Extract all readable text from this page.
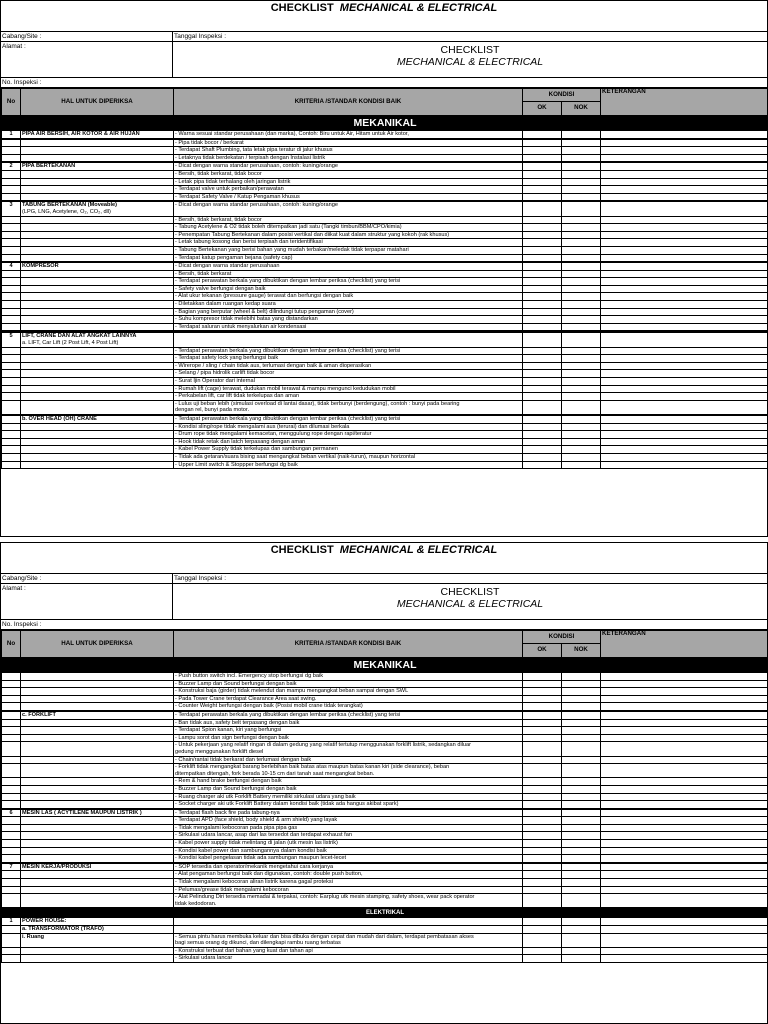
CHECKLIST MECHANICAL & ELECTRICAL
Cabang/Site :	Tanggal Inspeksi :
CHECKLIST
MECHANICAL & ELECTRICAL
Alamat :
No. Inspeksi :
No	HAL UNTUK DIPERIKSA	KRITERIA /STANDAR KONDISI BAIK	KONDISI		KETERANGAN
			OK	NOK	
MEKANIKAL					
1	PIPA AIR BERSIH, AIR KOTOR & AIR HUJAN	- Warna sesuai standar perusahaan (dan marka), Contoh: Biru untuk Air, Hitam untuk Air kotor,			

		- Pipa tidak bocor / berkarat			
		- Terdapat Shaft Plumbing, tata letak pipa teratur di jalur khusus			
		- Letaknya tidak berdekatan / terpisah dengan Instalasi listrik			

2	PIPA BERTEKANAN	- Dicat dengan warna standar perusahaan, contoh: kuning/orange			
		- Bersih, tidak berkarat, tidak bocor			
		- Letak pipa tidak terhalang oleh jaringan listrik			
		- Terdapat valve untuk perbaikan/perawatan			
		- Terdapat Safety Valve / Katup Pengaman khusus			

3	TABUNG BERTEKANAN (Moveable)
(LPG, LNG, Acetylene, O₂, CO₂, dll)	- Dicat dengan warna standar perusahaan, contoh: kuning/orange			
		- Bersih, tidak berkarat, tidak bocor			
		- Tabung Acetylene & O2 tidak boleh ditempatkan jadi satu (Tangki timbun/BBM/CPO/kimia)			
		- Penempatan Tabung Bertekanan dalam posisi vertikal dan diikat kuat dalam struktur yang kokoh (rak khusus)			
		- Letak tabung kosong dan berisi terpisah dan teridentifikasi			
		- Tabung Bertekanan yang berisi bahan yang mudah terbakar/meledak tidak terpapar matahari			
		- Terdapat katup pengaman bejana (safety cap)			

4	KOMPRESOR	- Dicat dengan warna standar perusahaan			
		- Bersih, tidak berkarat			
		- Terdapat perawatan berkala yang dibuktikan dengan lembar periksa (checklist) yang terisi			
		- Safety valve berfungsi dengan baik			
		- Alat ukur tekanan (pressure gauge) terawat dan berfungsi dengan baik			
		- Diletakkan dalam ruangan kedap suara			
		- Bagian yang berputar (wheel & belt) dilindungi tutup pengaman (cover)			
		- Suhu kompresor tidak melebihi batas yang distandarkan			
		- Terdapat saluran untuk menyalurkan air kondensasi			

5	LIFT, CRANE DAN ALAT ANGKAT LAINNYA
a. LIFT, Car Lift (2 Post Lift, 4 Post Lift)				
		- Terdapat perawatan berkala yang dibuktikan dengan lembar periksa (checklist) yang terisi			
		- Terdapat safety lock yang berfungsi baik			
		- Wirerope / sling / chain tidak aus, terlumasi dengan baik & aman dioperasikan			
		- Selang / pipa hidrolik carlift tidak bocor			
		- Surat Ijin Operator dari internal			
		- Rumah lift (cage) terawat, dudukan mobil terawat & mampu mengunci kedudukan mobil			
		- Perkabelan lift, car lift tidak terkelupas dan aman			
		- Lulus uji beban lebih (simulasi overload di lantai dasar), tidak berbunyi (berdengung), contoh : bunyi pada bearing
dengan rel, bunyi pada motor.			

	b. OVER HEAD (OH) CRANE	- Terdapat perawatan berkala yang dibuktikan dengan lembar periksa (checklist) yang terisi			
		- Kondisi sling/rope tidak mengalami aus (terurai) dan dilumasi berkala			
		- Drum rope tidak mengalami kemacetan, menggulung rope dengan rapi/teratur			
		- Hook tidak retak dan latch terpasang dengan aman			
		- Kabel Power Supply tidak terkelupas dan sambungan permanen			
		- Tidak ada getaran/suara bising saat mengangkat beban vertikal (naik-turun), maupun horizontal			
		- Upper Limit switch & Stoppper berfungsi dg baik			
CHECKLIST MECHANICAL & ELECTRICAL
Cabang/Site :	Tanggal Inspeksi :
CHECKLIST
MECHANICAL & ELECTRICAL
Alamat :
No. Inspeksi :
No	HAL UNTUK DIPERIKSA	KRITERIA /STANDAR KONDISI BAIK	KONDISI		KETERANGAN
			OK	NOK	
MEKANIKAL					
		- Push button switch incl. Emergency stop berfungsi dg baik			
		- Buzzer Lamp dan Sound berfungsi dengan baik			
		- Konstruksi baja (girder) tidak melendut dan mampu mengangkat beban sampai dengan SWL			
		- Pada Tower Crane terdapat Clearance Area saat swing.			
		- Counter Weight berfungsi dengan baik (Posisi mobil crane tidak terangkat)			

	c. FORKLIFT	- Terdapat perawatan berkala yang dibuktikan dengan lembar periksa (checklist) yang terisi			
		- Ban tidak aus, safety belt terpasang dengan baik			
		- Terdapat Spion kanan, kiri yang berfungsi			
		- Lampu sorot dan sign berfungsi dengan baik			
		- Untuk pekerjaan yang relatif ringan di dalam gedung yang relatif tertutup menggunakan forklift listrik, sedangkan diluar
gedung menggunakan forklift diesel			
		- Chain/rantai tidak berkarat dan terlumasi dengan baik			
		- Forklift tidak mengangkat barang berlebihan baik batas atas maupun batas kanan kiri (side clearance), beban
ditempatkan ditengah, fork berada 10-15 cm dari tanah saat mengangkat beban.			
		- Rem & hand brake berfungsi dengan baik			
		- Buzzer Lamp dan Sound berfungsi dengan baik			
		- Ruang charger aki utk Forklift Battery memiliki sirkulasi udara yang baik			
		- Socket charger aki utk Forklift Battery dalam kondisi baik (tidak ada hangus akibat spark)			

6	MESIN LAS ( ACYTILENE MAUPUN LISTRIK )	- Terdapat flash back fire pada tabung-nya			
		- Terdapat APD (face shield, body shield & arm shield) yang layak			
		- Tidak mengalami kebocoran pada pipa pipa gas			
		- Sirkulasi udara lancar, asap dari las tersedot dan terdapat exhaust fan			
		- Kabel power supply tidak melintang di jalan (utk mesin las listrik)			
		- Kondisi kabel power dan sambungannya dalam kondisi baik			
		- Kondisi kabel pengelasan tidak ada sambungan maupun lecet-lecet			

7	MESIN KERJA/PRODUKSI	- SOP tersedia dan operator/mekanik mengetahui cara kerjanya			
		- Alat pengaman berfungsi baik dan digunakan, contoh: double push button,			
		- Tidak mengalami kebocoran aliran listrik karena gagal proteksi			
		- Pelumas/grease tidak mengalami kebocoran			
		- Alat Pelindung Diri tersedia memadai & terpakai, contoh: Earplug utk mesin stamping, safety shoes, wear pack operator
tidak kedodoran.			

ELEKTRIKAL					
1	POWER HOUSE:				
	a. TRANSFORMATOR (TRAFO)				
	i. Ruang	- Semua pintu harus membuka keluar dan bisa dibuka dengan cepat dan mudah dari dalam, terdapat pembatasan akses
bagi semua orang dg dikunci, dan dilengkapi rambu ruang terbatas			
		- Konstruksi terbuat dari bahan yang kuat dan tahan api			
		- Sirkulasi udara lancar			
